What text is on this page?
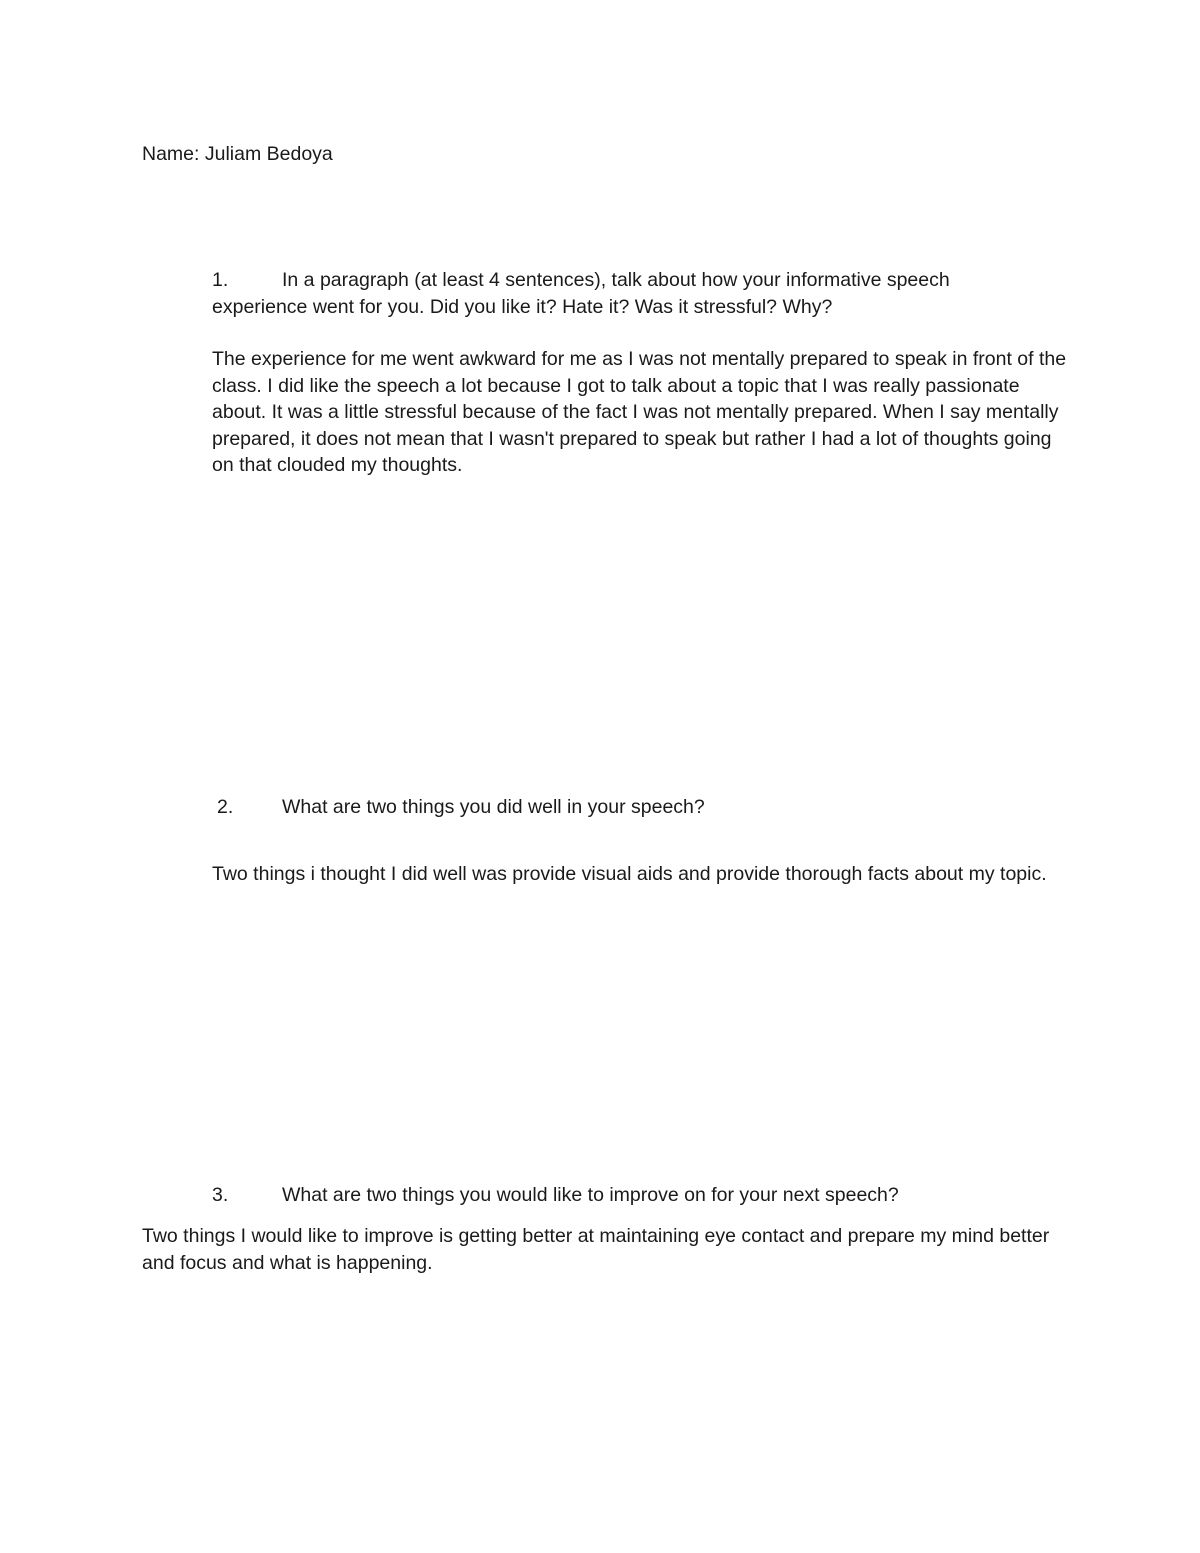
Name: Juliam Bedoya

1.	In a paragraph (at least 4 sentences), talk about how your informative speech
experience went for you. Did you like it? Hate it? Was it stressful? Why?

The experience for me went awkward for me as I was not mentally prepared to speak in front of the class. I did like the speech a lot because I got to talk about a topic that I was really passionate about. It was a little stressful because of the fact I was not mentally prepared. When I say mentally prepared, it does not mean that I wasn't prepared to speak but rather I had a lot of thoughts going on that clouded my thoughts.

2. What are two things you did well in your speech?

Two things i thought I did well was provide visual aids and provide thorough facts about my topic.

3.	What are two things you would like to improve on for your next speech?

Two things I would like to improve is getting better at maintaining eye contact and prepare my mind better and focus and what is happening.
